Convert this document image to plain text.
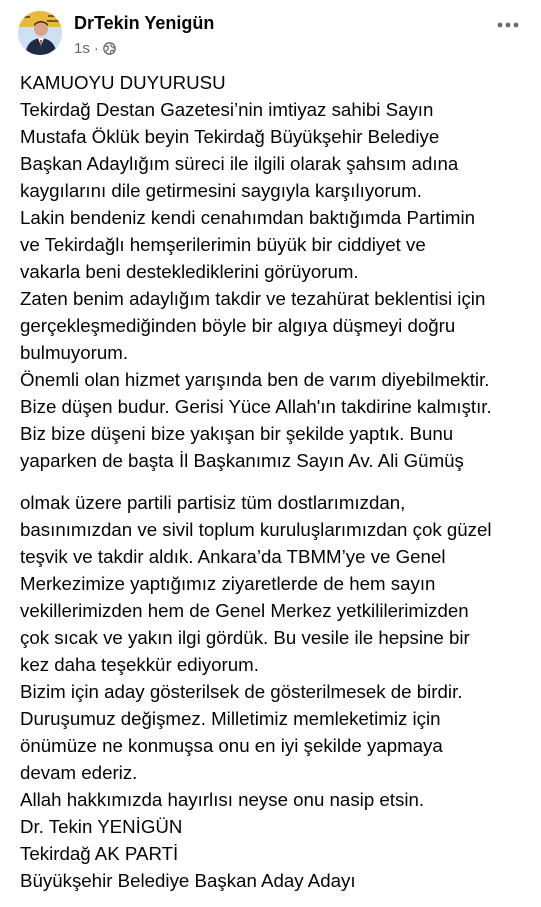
DrTekin Yenigün
1s ·
KAMUOYU DUYURUSU
Tekirdağ Destan Gazetesi’nin imtiyaz sahibi Sayın
Mustafa Öklük beyin Tekirdağ Büyükşehir Belediye
Başkan Adaylığım süreci ile ilgili olarak şahsım adına
kaygılarını dile getirmesini saygıyla karşılıyorum.
Lakin bendeniz kendi cenahımdan baktığımda Partimin
ve Tekirdağlı hemşerilerimin büyük bir ciddiyet ve
vakarla beni desteklediklerini görüyorum.
Zaten benim adaylığım takdir ve tezahürat beklentisi için
gerçekleşmediğinden böyle bir algıya düşmeyi doğru
bulmuyorum.
Önemli olan hizmet yarışında ben de varım diyebilmektir.
Bize düşen budur. Gerisi Yüce Allah'ın takdirine kalmıştır.
Biz bize düşeni bize yakışan bir şekilde yaptık. Bunu
yaparken de başta İl Başkanımız Sayın Av. Ali Gümüş
olmak üzere partili partisiz tüm dostlarımızdan,
basınımızdan ve sivil toplum kuruluşlarımızdan çok güzel
teşvik ve takdir aldık. Ankara’da TBMM’ye ve Genel
Merkezimize yaptığımız ziyaretlerde de hem sayın
vekillerimizden hem de Genel Merkez yetkililerimizden
çok sıcak ve yakın ilgi gördük. Bu vesile ile hepsine bir
kez daha teşekkür ediyorum.
Bizim için aday gösterilsek de gösterilmesek de birdir.
Duruşumuz değişmez. Milletimiz memleketimiz için
önümüze ne konmuşsa onu en iyi şekilde yapmaya
devam ederiz.
Allah hakkımızda hayırlısı neyse onu nasip etsin.
Dr. Tekin YENİGÜN
Tekirdağ AK PARTİ
Büyükşehir Belediye Başkan Aday Adayı
